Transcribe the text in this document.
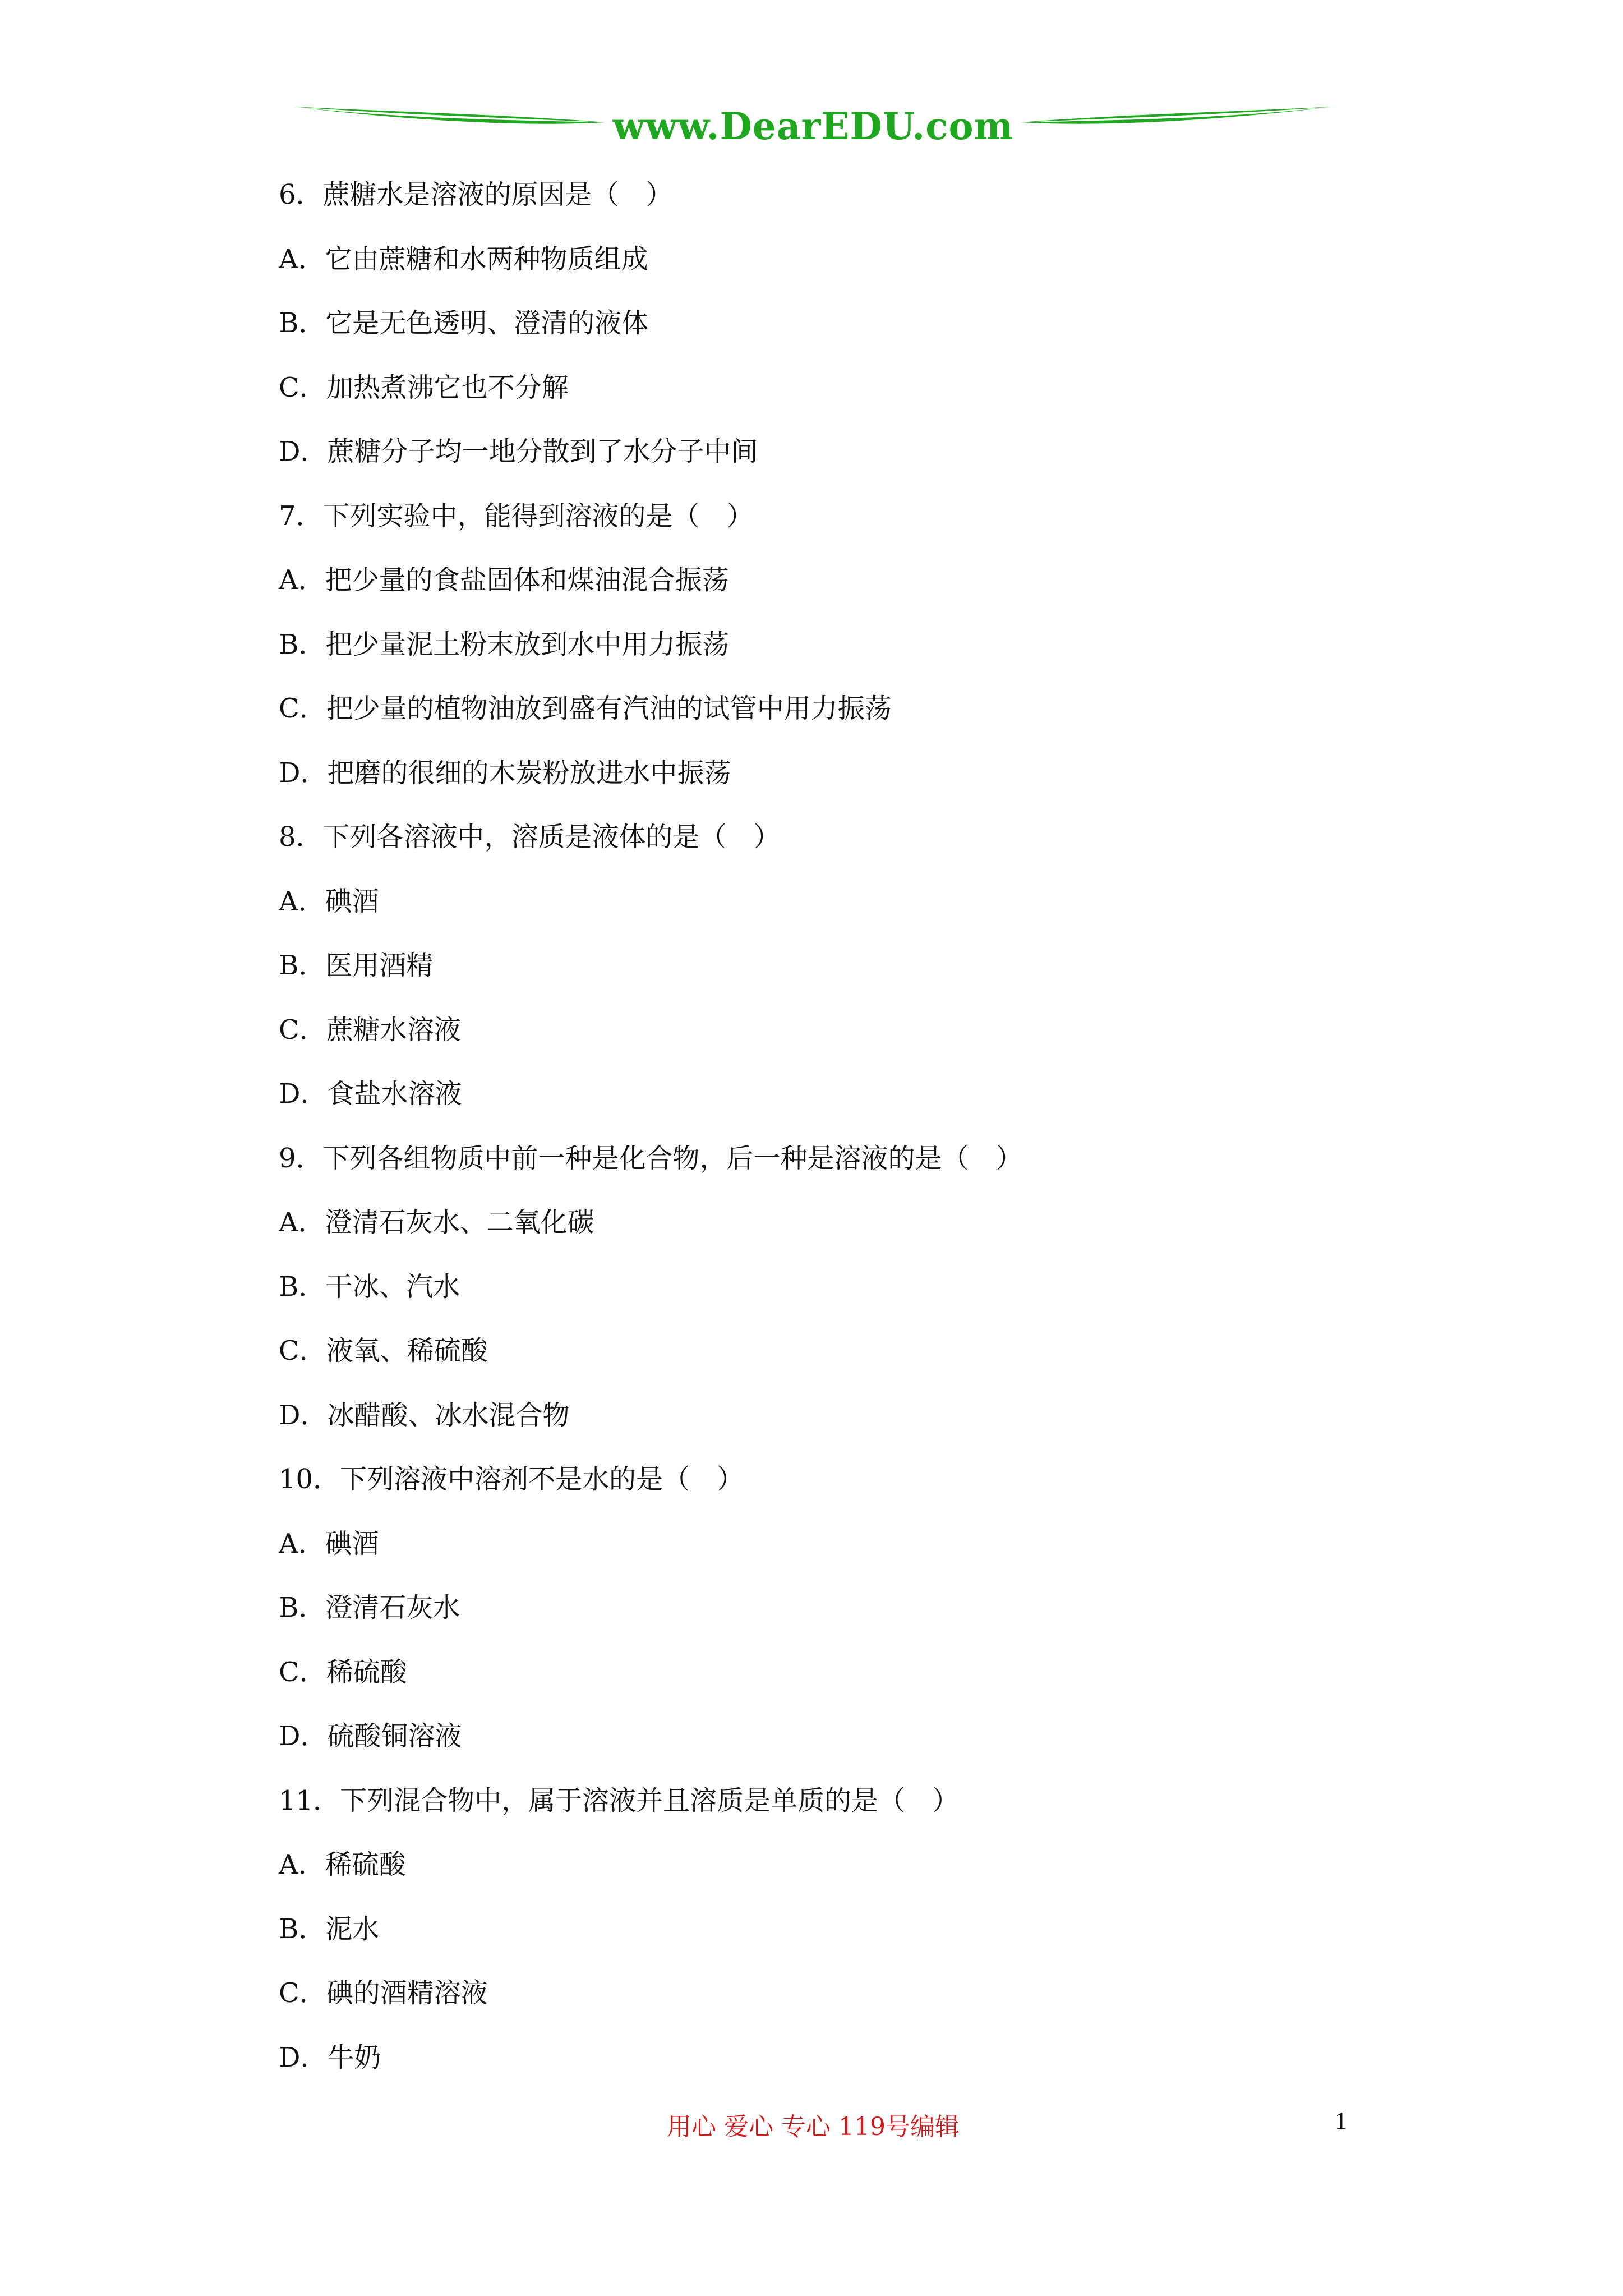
www.DearEDU.com
6．蔗糖水是溶液的原因是（　）
A．它由蔗糖和水两种物质组成
B．它是无色透明、澄清的液体
C．加热煮沸它也不分解
D．蔗糖分子均一地分散到了水分子中间
7．下列实验中，能得到溶液的是（　）
A．把少量的食盐固体和煤油混合振荡
B．把少量泥土粉末放到水中用力振荡
C．把少量的植物油放到盛有汽油的试管中用力振荡
D．把磨的很细的木炭粉放进水中振荡
8．下列各溶液中，溶质是液体的是（　）
A．碘酒
B．医用酒精
C．蔗糖水溶液
D．食盐水溶液
9．下列各组物质中前一种是化合物，后一种是溶液的是（　）
A．澄清石灰水、二氧化碳
B．干冰、汽水
C．液氧、稀硫酸
D．冰醋酸、冰水混合物
10．下列溶液中溶剂不是水的是（　）
A．碘酒
B．澄清石灰水
C．稀硫酸
D．硫酸铜溶液
11．下列混合物中，属于溶液并且溶质是单质的是（　）
A．稀硫酸
B．泥水
C．碘的酒精溶液
D．牛奶
用心 爱心 专心 119号编辑	1
